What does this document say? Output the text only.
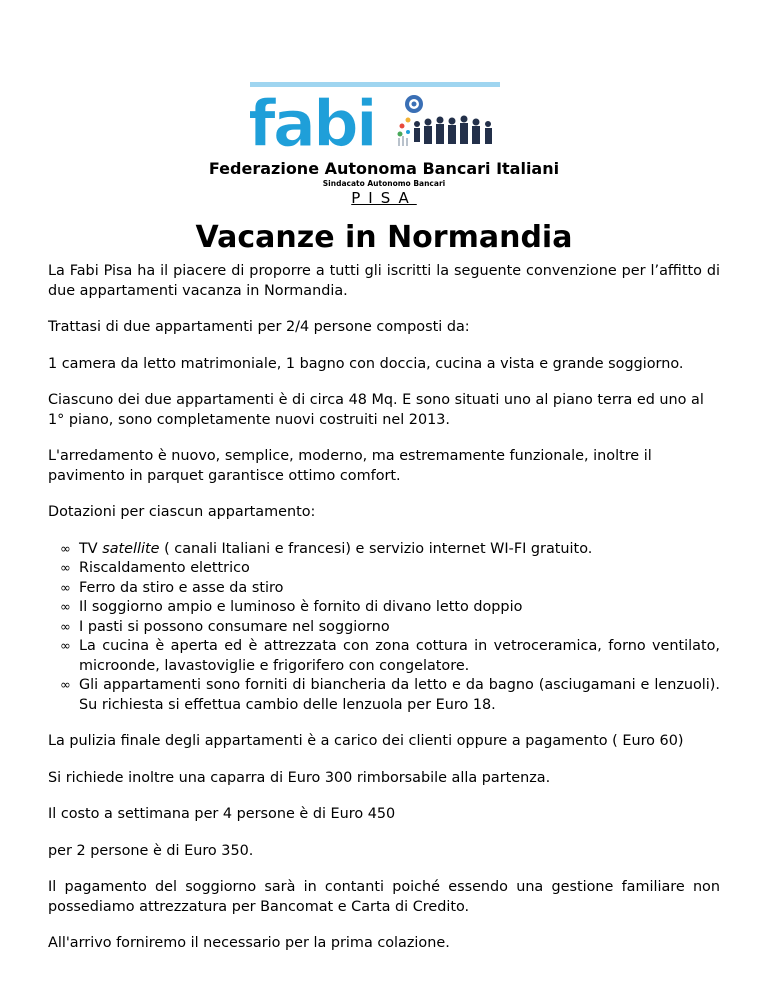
fabi
Federazione Autonoma Bancari Italiani
Sindacato Autonomo Bancari
PISA
Vacanze in Normandia

La Fabi Pisa ha il piacere di proporre a tutti gli iscritti la seguente convenzione per l’affitto di due appartamenti vacanza in Normandia.

Trattasi di due appartamenti per 2/4 persone composti da:

1 camera da letto matrimoniale, 1 bagno con doccia, cucina a vista e grande soggiorno.

Ciascuno dei due appartamenti è di circa 48 Mq. E sono situati uno al piano terra ed uno al 1° piano, sono completamente nuovi costruiti nel 2013.

L'arredamento è nuovo, semplice, moderno, ma estremamente funzionale, inoltre il pavimento in parquet garantisce ottimo comfort.

Dotazioni per ciascun appartamento:

∞ TV satellite ( canali Italiani e francesi) e servizio internet WI-FI gratuito.
∞ Riscaldamento elettrico
∞ Ferro da stiro e asse da stiro
∞ Il soggiorno ampio e luminoso è fornito di divano letto doppio
∞ I pasti si possono consumare nel soggiorno
∞ La cucina è aperta ed è attrezzata con zona cottura in vetroceramica, forno ventilato, microonde, lavastoviglie e frigorifero con congelatore.
∞ Gli appartamenti sono forniti di biancheria da letto e da bagno (asciugamani e lenzuoli). Su richiesta si effettua cambio delle lenzuola per Euro 18.

La pulizia finale degli appartamenti è a carico dei clienti oppure a pagamento ( Euro 60)

Si richiede inoltre una caparra di Euro 300 rimborsabile alla partenza.

Il costo a settimana per 4 persone è di Euro 450

per 2 persone è di Euro 350.

Il pagamento del soggiorno sarà in contanti poiché essendo una gestione familiare non possediamo attrezzatura per Bancomat e Carta di Credito.

All'arrivo forniremo il necessario per la prima colazione.
